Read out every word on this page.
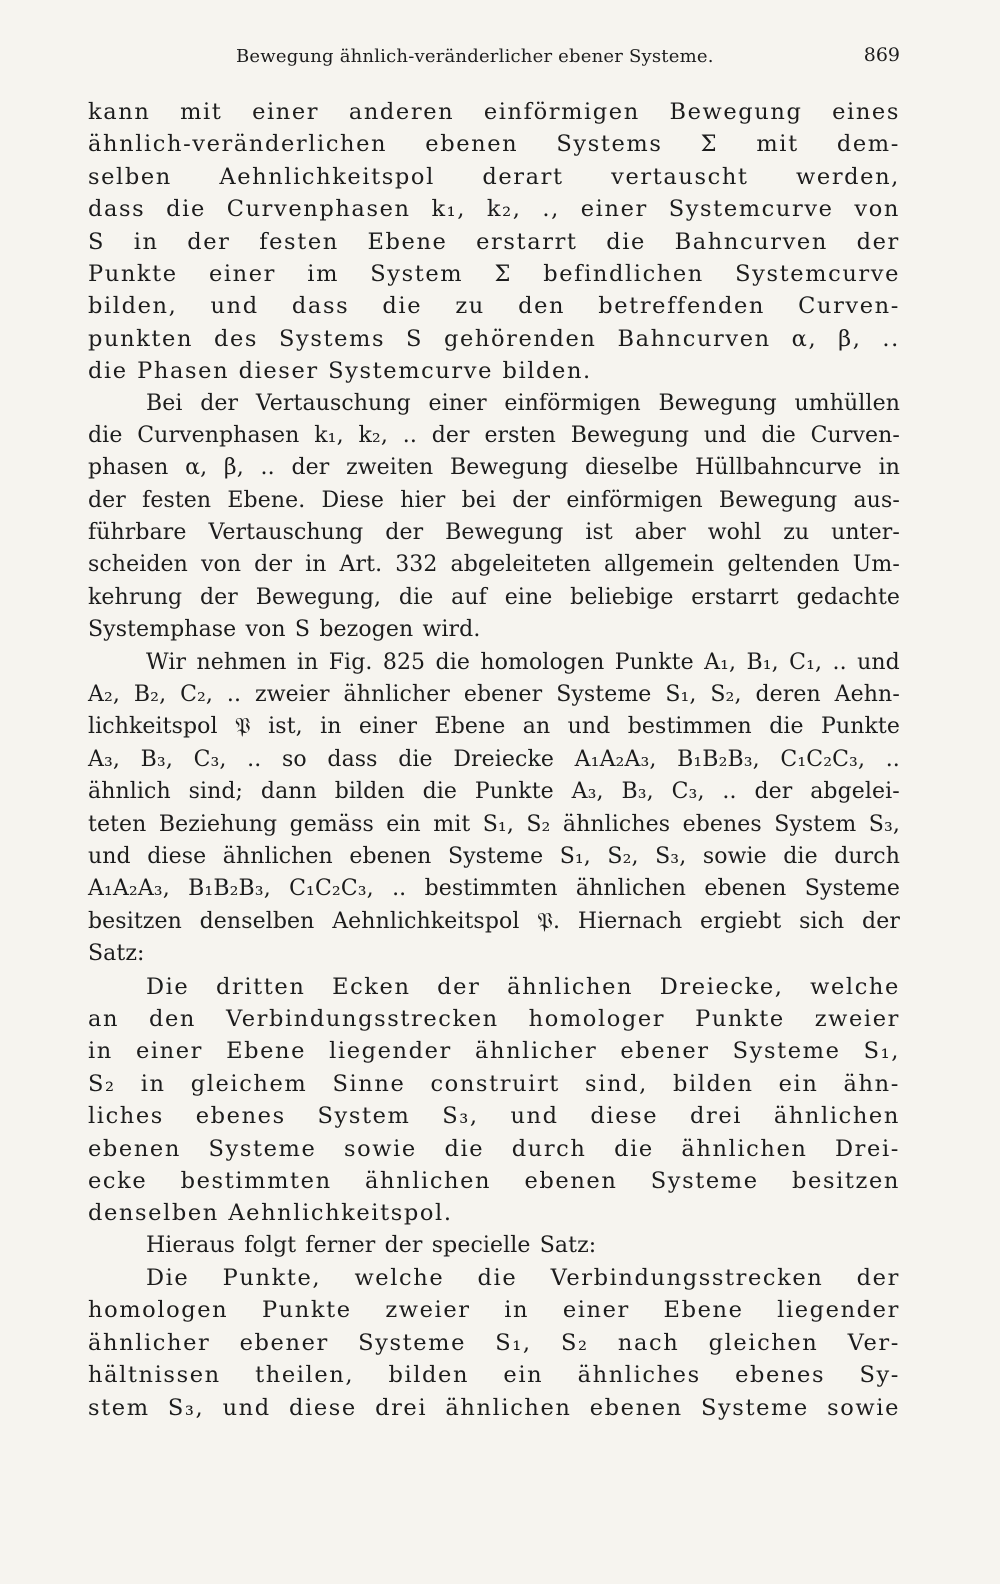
Bewegung ähnlich-veränderlicher ebener Systeme.	869
kann mit einer anderen einförmigen Bewegung eines
ähnlich-veränderlichen ebenen Systems Σ mit dem-
selben Aehnlichkeitspol derart vertauscht werden,
dass die Curvenphasen k₁, k₂, ., einer Systemcurve von
S in der festen Ebene erstarrt die Bahncurven der
Punkte einer im System Σ befindlichen Systemcurve
bilden, und dass die zu den betreffenden Curven-
punkten des Systems S gehörenden Bahncurven α, β, ..
die Phasen dieser Systemcurve bilden.
Bei der Vertauschung einer einförmigen Bewegung umhüllen
die Curvenphasen k₁, k₂, .. der ersten Bewegung und die Curven-
phasen α, β, .. der zweiten Bewegung dieselbe Hüllbahncurve in
der festen Ebene. Diese hier bei der einförmigen Bewegung aus-
führbare Vertauschung der Bewegung ist aber wohl zu unter-
scheiden von der in Art. 332 abgeleiteten allgemein geltenden Um-
kehrung der Bewegung, die auf eine beliebige erstarrt gedachte
Systemphase von S bezogen wird.
Wir nehmen in Fig. 825 die homologen Punkte A₁, B₁, C₁, .. und
A₂, B₂, C₂, .. zweier ähnlicher ebener Systeme S₁, S₂, deren Aehn-
lichkeitspol 𝔓 ist, in einer Ebene an und bestimmen die Punkte
A₃, B₃, C₃, .. so dass die Dreiecke A₁A₂A₃, B₁B₂B₃, C₁C₂C₃, ..
ähnlich sind; dann bilden die Punkte A₃, B₃, C₃, .. der abgelei-
teten Beziehung gemäss ein mit S₁, S₂ ähnliches ebenes System S₃,
und diese ähnlichen ebenen Systeme S₁, S₂, S₃, sowie die durch
A₁A₂A₃, B₁B₂B₃, C₁C₂C₃, .. bestimmten ähnlichen ebenen Systeme
besitzen denselben Aehnlichkeitspol 𝔓. Hiernach ergiebt sich der
Satz:
Die dritten Ecken der ähnlichen Dreiecke, welche
an den Verbindungsstrecken homologer Punkte zweier
in einer Ebene liegender ähnlicher ebener Systeme S₁,
S₂ in gleichem Sinne construirt sind, bilden ein ähn-
liches ebenes System S₃, und diese drei ähnlichen
ebenen Systeme sowie die durch die ähnlichen Drei-
ecke bestimmten ähnlichen ebenen Systeme besitzen
denselben Aehnlichkeitspol.
Hieraus folgt ferner der specielle Satz:
Die Punkte, welche die Verbindungsstrecken der
homologen Punkte zweier in einer Ebene liegender
ähnlicher ebener Systeme S₁, S₂ nach gleichen Ver-
hältnissen theilen, bilden ein ähnliches ebenes Sy-
stem S₃, und diese drei ähnlichen ebenen Systeme sowie
